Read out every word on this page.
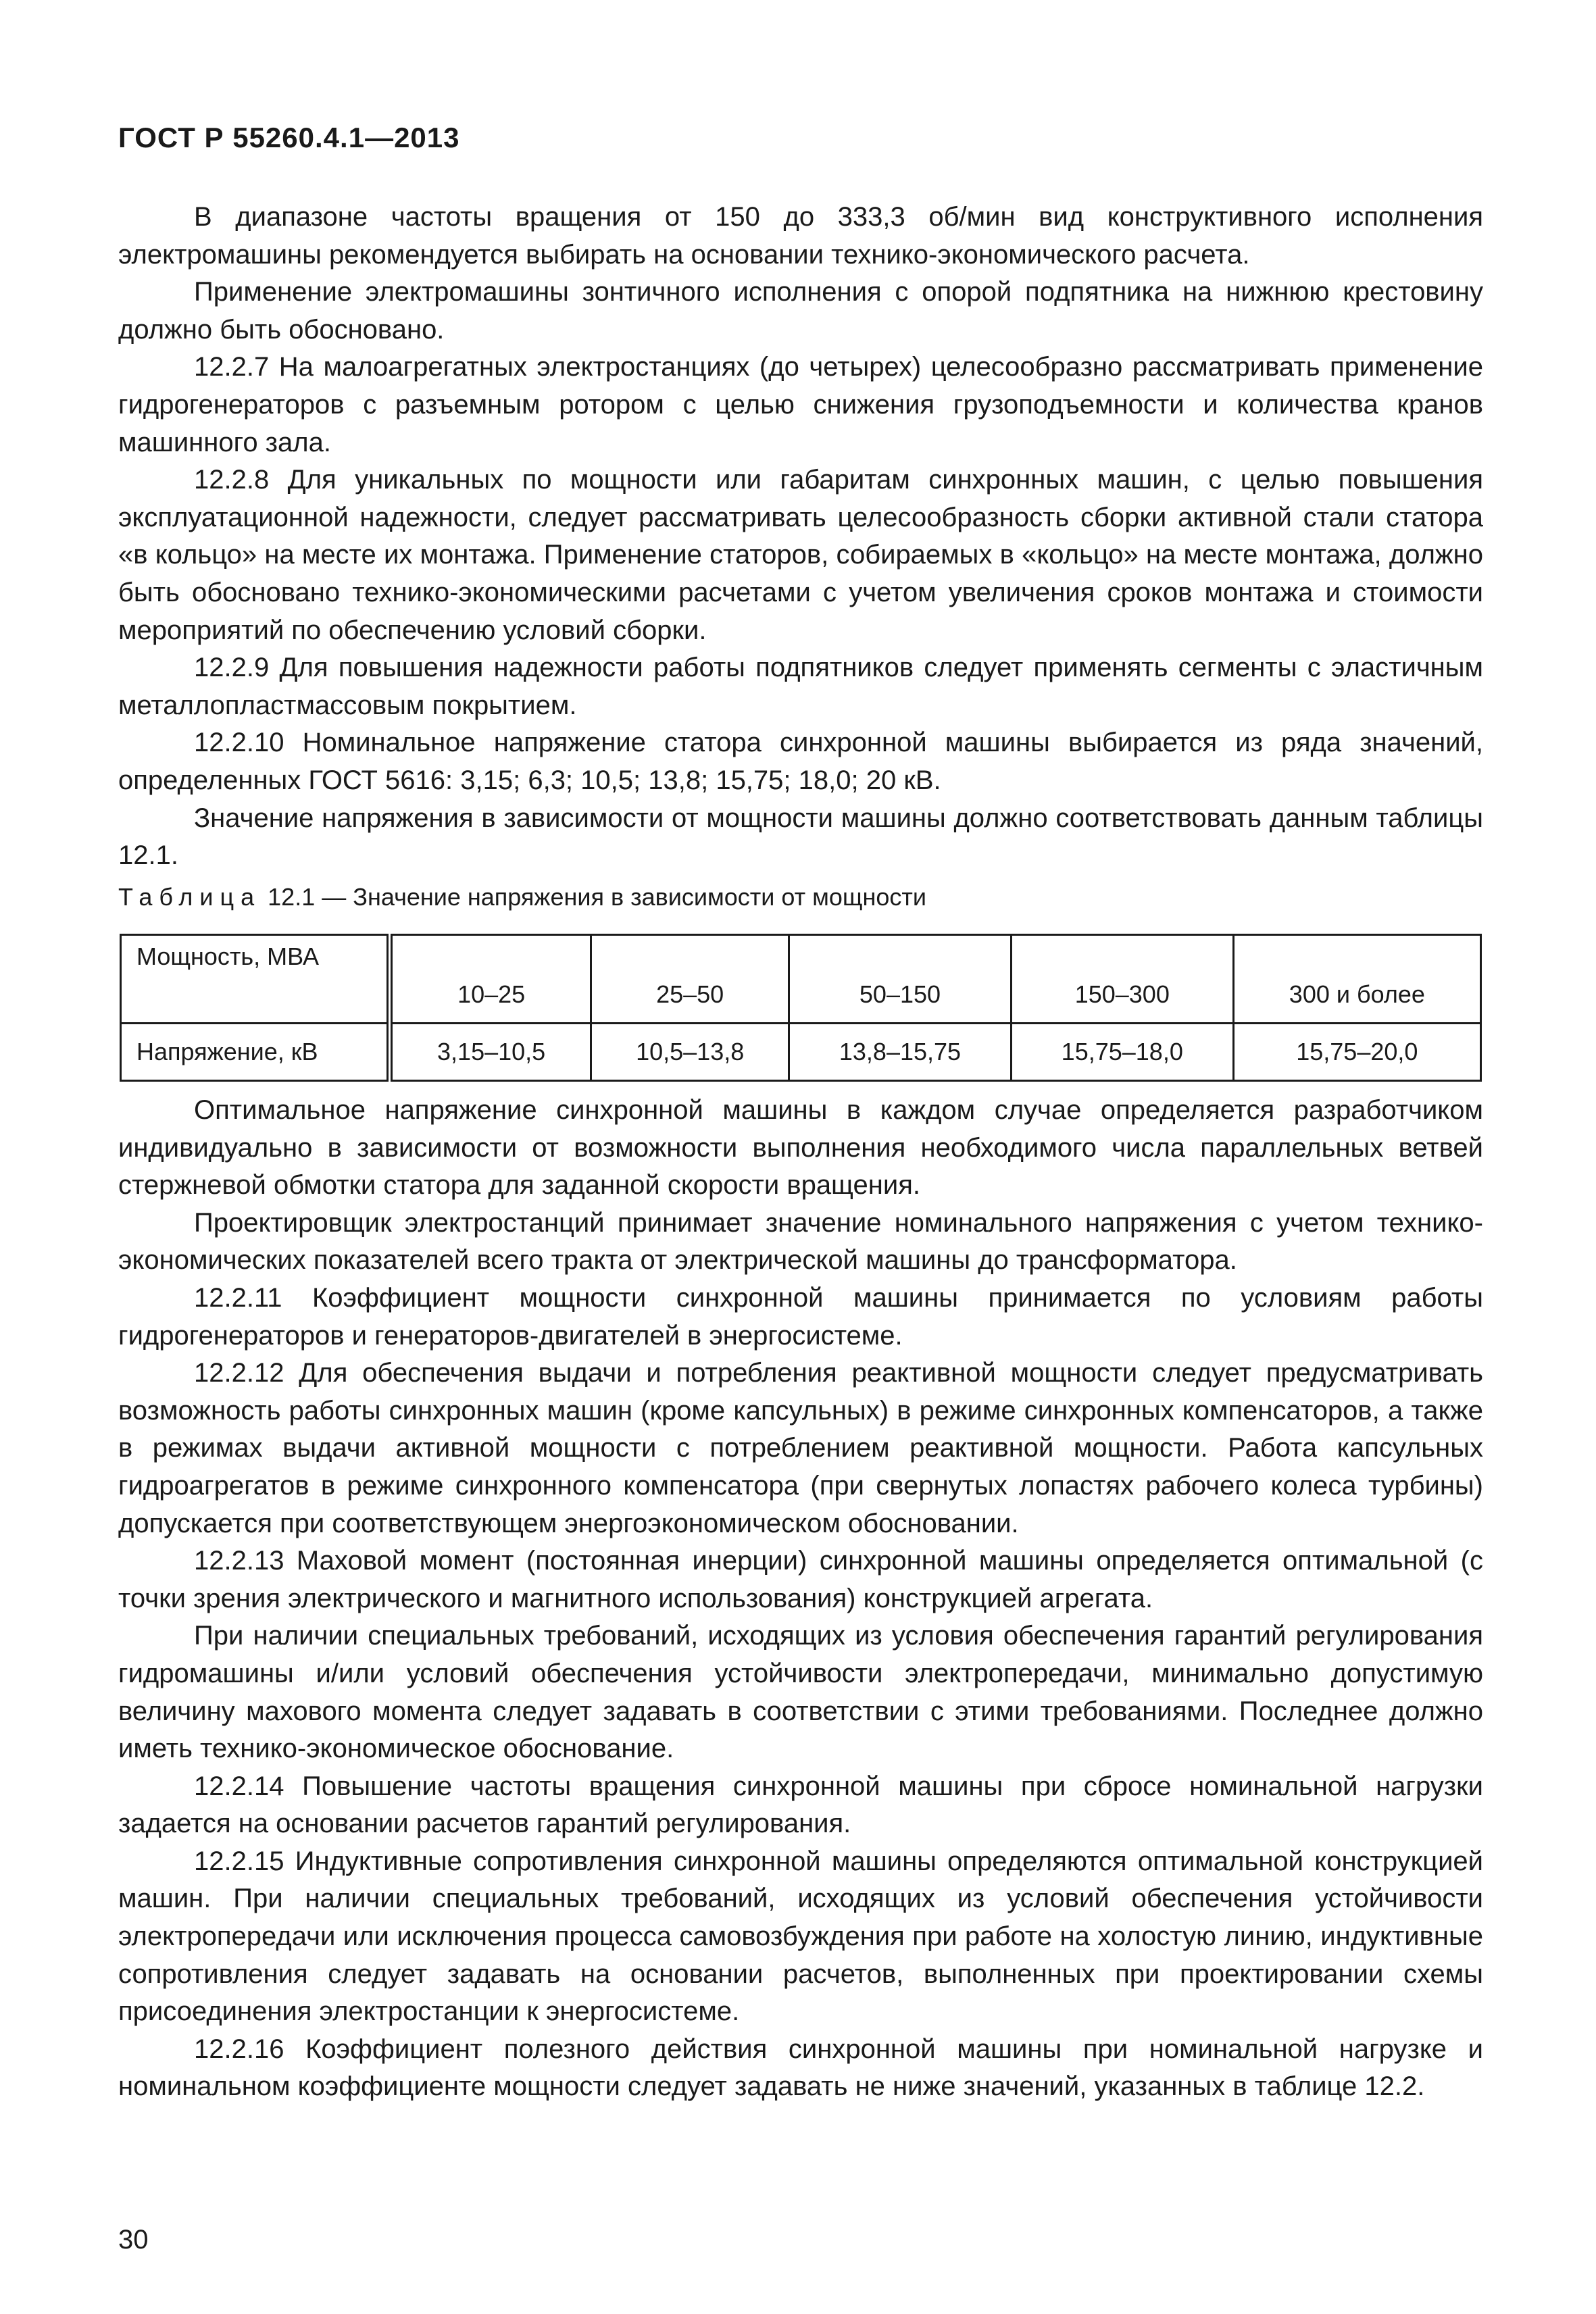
ГОСТ Р 55260.4.1—2013

В диапазоне частоты вращения от 150 до 333,3 об/мин вид конструктивного исполнения электромашины рекомендуется выбирать на основании технико-экономического расчета.

Применение электромашины зонтичного исполнения с опорой подпятника на нижнюю крестовину должно быть обосновано.

12.2.7 На малоагрегатных электростанциях (до четырех) целесообразно рассматривать применение гидрогенераторов с разъемным ротором с целью снижения грузоподъемности и количества кранов машинного зала.

12.2.8 Для уникальных по мощности или габаритам синхронных машин, с целью повышения эксплуатационной надежности, следует рассматривать целесообразность сборки активной стали статора «в кольцо» на месте их монтажа. Применение статоров, собираемых в «кольцо» на месте монтажа, должно быть обосновано технико-экономическими расчетами с учетом увеличения сроков монтажа и стоимости мероприятий по обеспечению условий сборки.

12.2.9 Для повышения надежности работы подпятников следует применять сегменты с эластичным металлопластмассовым покрытием.

12.2.10 Номинальное напряжение статора синхронной машины выбирается из ряда значений, определенных ГОСТ 5616: 3,15; 6,3; 10,5; 13,8; 15,75; 18,0; 20 кВ.

Значение напряжения в зависимости от мощности машины должно соответствовать данным таблицы 12.1.

Таблица 12.1 — Значение напряжения в зависимости от мощности
Мощность, МВА	10–25	25–50	50–150	150–300	300 и более
Напряжение, кВ	3,15–10,5	10,5–13,8	13,8–15,75	15,75–18,0	15,75–20,0

Оптимальное напряжение синхронной машины в каждом случае определяется разработчиком индивидуально в зависимости от возможности выполнения необходимого числа параллельных ветвей стержневой обмотки статора для заданной скорости вращения.

Проектировщик электростанций принимает значение номинального напряжения с учетом технико-экономических показателей всего тракта от электрической машины до трансформатора.

12.2.11 Коэффициент мощности синхронной машины принимается по условиям работы гидрогенераторов и генераторов-двигателей в энергосистеме.

12.2.12 Для обеспечения выдачи и потребления реактивной мощности следует предусматривать возможность работы синхронных машин (кроме капсульных) в режиме синхронных компенсаторов, а также в режимах выдачи активной мощности с потреблением реактивной мощности. Работа капсульных гидроагрегатов в режиме синхронного компенсатора (при свернутых лопастях рабочего колеса турбины) допускается при соответствующем энергоэкономическом обосновании.

12.2.13 Маховой момент (постоянная инерции) синхронной машины определяется оптимальной (с точки зрения электрического и магнитного использования) конструкцией агрегата.

При наличии специальных требований, исходящих из условия обеспечения гарантий регулирования гидромашины и/или условий обеспечения устойчивости электропередачи, минимально допустимую величину махового момента следует задавать в соответствии с этими требованиями. Последнее должно иметь технико-экономическое обоснование.

12.2.14 Повышение частоты вращения синхронной машины при сбросе номинальной нагрузки задается на основании расчетов гарантий регулирования.

12.2.15 Индуктивные сопротивления синхронной машины определяются оптимальной конструкцией машин. При наличии специальных требований, исходящих из условий обеспечения устойчивости электропередачи или исключения процесса самовозбуждения при работе на холостую линию, индуктивные сопротивления следует задавать на основании расчетов, выполненных при проектировании схемы присоединения электростанции к энергосистеме.

12.2.16 Коэффициент полезного действия синхронной машины при номинальной нагрузке и номинальном коэффициенте мощности следует задавать не ниже значений, указанных в таблице 12.2.

30
